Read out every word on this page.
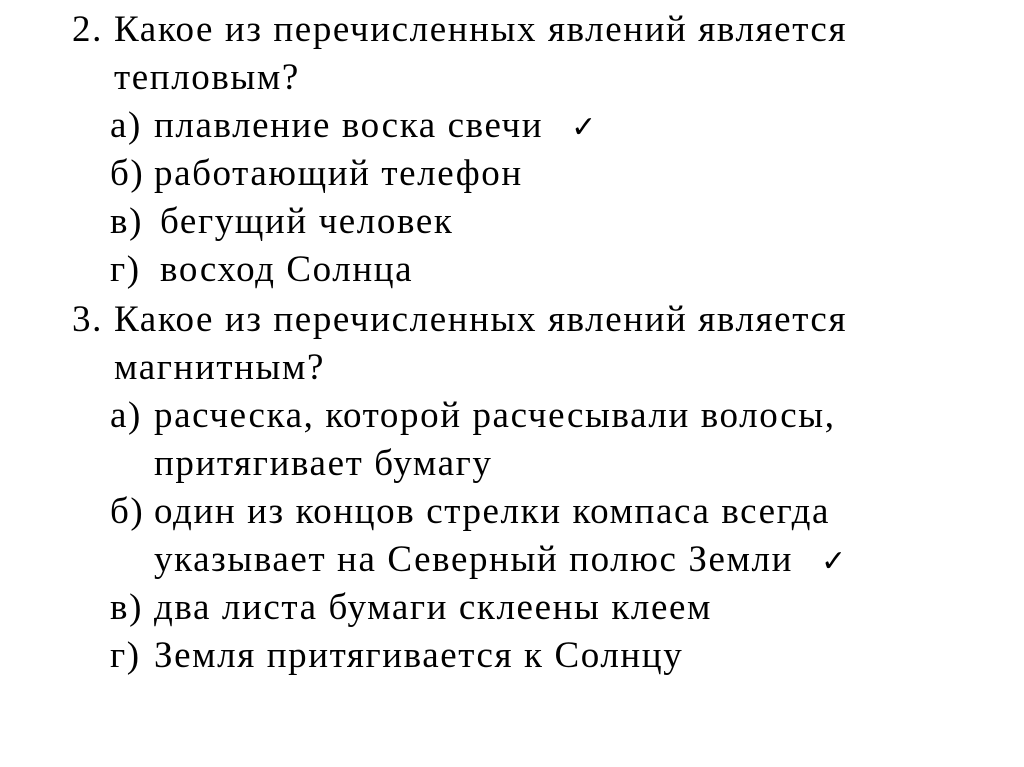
2. Какое из перечисленных явлений является
тепловым?
а) плавление воска свечи ✓
б) работающий телефон
в) бегущий человек
г) восход Солнца
3. Какое из перечисленных явлений является
магнитным?
а) расческа, которой расчесывали волосы,
притягивает бумагу
б) один из концов стрелки компаса всегда
указывает на Северный полюс Земли ✓
в) два листа бумаги склеены клеем
г) Земля притягивается к Солнцу
